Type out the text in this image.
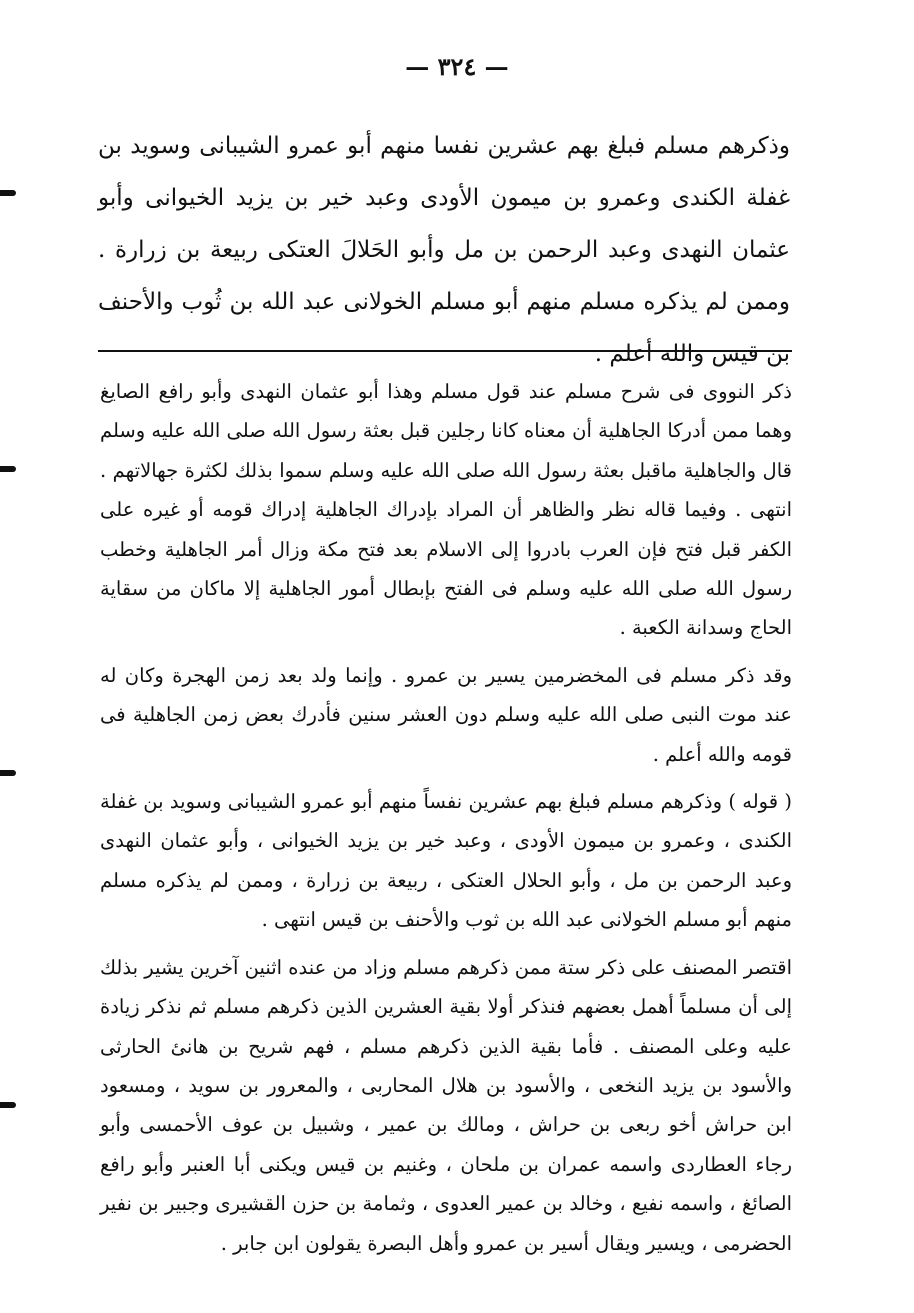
— ٣٢٤ —
وذكرهم مسلم فبلغ بهم عشرين نفسا منهم أبو عمرو الشيبانى وسويد بن غفلة الكندى وعمرو بن ميمون الأودى وعبد خير بن يزيد الخيوانى وأبو عثمان النهدى وعبد الرحمن بن مل وأبو الحَلالَ العتكى ربيعة بن زرارة . وممن لم يذكره مسلم منهم أبو مسلم الخولانى عبد الله بن ثُوب والأحنف بن قيس والله أعلم .

ذكر النووى فى شرح مسلم عند قول مسلم وهذا أبو عثمان النهدى وأبو رافع الصايغ وهما ممن أدركا الجاهلية أن معناه كانا رجلين قبل بعثة رسول الله صلى الله عليه وسلم قال والجاهلية ماقبل بعثة رسول الله صلى الله عليه وسلم سموا بذلك لكثرة جهالاتهم . انتهى . وفيما قاله نظر والظاهر أن المراد بإدراك الجاهلية إدراك قومه أو غيره على الكفر قبل فتح فإن العرب بادروا إلى الاسلام بعد فتح مكة وزال أمر الجاهلية وخطب رسول الله صلى الله عليه وسلم فى الفتح بإبطال أمور الجاهلية إلا ماكان من سقاية الحاج وسدانة الكعبة .

وقد ذكر مسلم فى المخضرمين يسير بن عمرو . وإنما ولد بعد زمن الهجرة وكان له عند موت النبى صلى الله عليه وسلم دون العشر سنين فأدرك بعض زمن الجاهلية فى قومه والله أعلم .

( قوله ) وذكرهم مسلم فبلغ بهم عشرين نفساً منهم أبو عمرو الشيبانى وسويد بن غفلة الكندى ، وعمرو بن ميمون الأودى ، وعبد خير بن يزيد الخيوانى ، وأبو عثمان النهدى وعبد الرحمن بن مل ، وأبو الحلال العتكى ، ربيعة بن زرارة ، وممن لم يذكره مسلم منهم أبو مسلم الخولانى عبد الله بن ثوب والأحنف بن قيس انتهى .

اقتصر المصنف على ذكر ستة ممن ذكرهم مسلم وزاد من عنده اثنين آخرين يشير بذلك إلى أن مسلماً أهمل بعضهم فنذكر أولا بقية العشرين الذين ذكرهم مسلم ثم نذكر زيادة عليه وعلى المصنف . فأما بقية الذين ذكرهم مسلم ، فهم شريح بن هانئ الحارثى والأسود بن يزيد النخعى ، والأسود بن هلال المحاربى ، والمعرور بن سويد ، ومسعود ابن حراش أخو ربعى بن حراش ، ومالك بن عمير ، وشبيل بن عوف الأحمسى وأبو رجاء العطاردى واسمه عمران بن ملحان ، وغنيم بن قيس ويكنى أبا العنبر وأبو رافع الصائغ ، واسمه نفيع ، وخالد بن عمير العدوى ، وثمامة بن حزن القشيرى وجبير بن نفير الحضرمى ، ويسير ويقال أسير بن عمرو وأهل البصرة يقولون ابن جابر .
